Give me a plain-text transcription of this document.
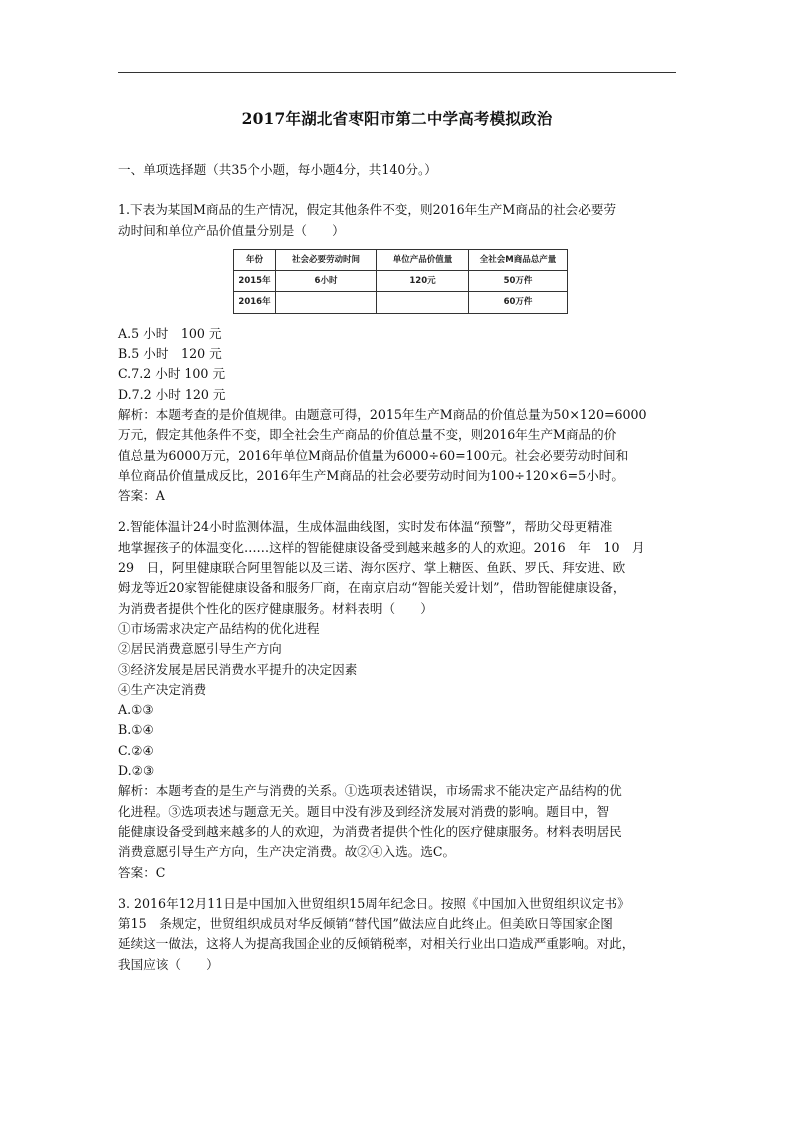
2017年湖北省枣阳市第二中学高考模拟政治
一、单项选择题（共35个小题，每小题4分，共140分。）
1.下表为某国M商品的生产情况，假定其他条件不变，则2016年生产M商品的社会必要劳
动时间和单位产品价值量分别是（　　）
年份	社会必要劳动时间	单位产品价值量	全社会M商品总产量
2015年	6小时	120元	50万件
2016年			60万件
A.5 小时　100 元
B.5 小时　120 元
C.7.2 小时 100 元
D.7.2 小时 120 元
解析：本题考查的是价值规律。由题意可得，2015年生产M商品的价值总量为50×120=6000
万元，假定其他条件不变，即全社会生产商品的价值总量不变，则2016年生产M商品的价
值总量为6000万元，2016年单位M商品价值量为6000÷60=100元。社会必要劳动时间和
单位商品价值量成反比，2016年生产M商品的社会必要劳动时间为100÷120×6=5小时。
答案：A
2.智能体温计24小时监测体温，生成体温曲线图，实时发布体温“预警”，帮助父母更精准
地掌握孩子的体温变化……这样的智能健康设备受到越来越多的人的欢迎。2016　年　10　月
29　日，阿里健康联合阿里智能以及三诺、海尔医疗、掌上糖医、鱼跃、罗氏、拜安进、欧
姆龙等近20家智能健康设备和服务厂商，在南京启动“智能关爱计划”，借助智能健康设备，
为消费者提供个性化的医疗健康服务。材料表明（　　）
①市场需求决定产品结构的优化进程
②居民消费意愿引导生产方向
③经济发展是居民消费水平提升的决定因素
④生产决定消费
A.①③
B.①④
C.②④
D.②③
解析：本题考查的是生产与消费的关系。①选项表述错误，市场需求不能决定产品结构的优
化进程。③选项表述与题意无关。题目中没有涉及到经济发展对消费的影响。题目中，智
能健康设备受到越来越多的人的欢迎，为消费者提供个性化的医疗健康服务。材料表明居民
消费意愿引导生产方向，生产决定消费。故②④入选。选C。
答案：C
3. 2016年12月11日是中国加入世贸组织15周年纪念日。按照《中国加入世贸组织议定书》
第15　条规定，世贸组织成员对华反倾销“替代国”做法应自此终止。但美欧日等国家企图
延续这一做法，这将人为提高我国企业的反倾销税率，对相关行业出口造成严重影响。对此，
我国应该（　　）
